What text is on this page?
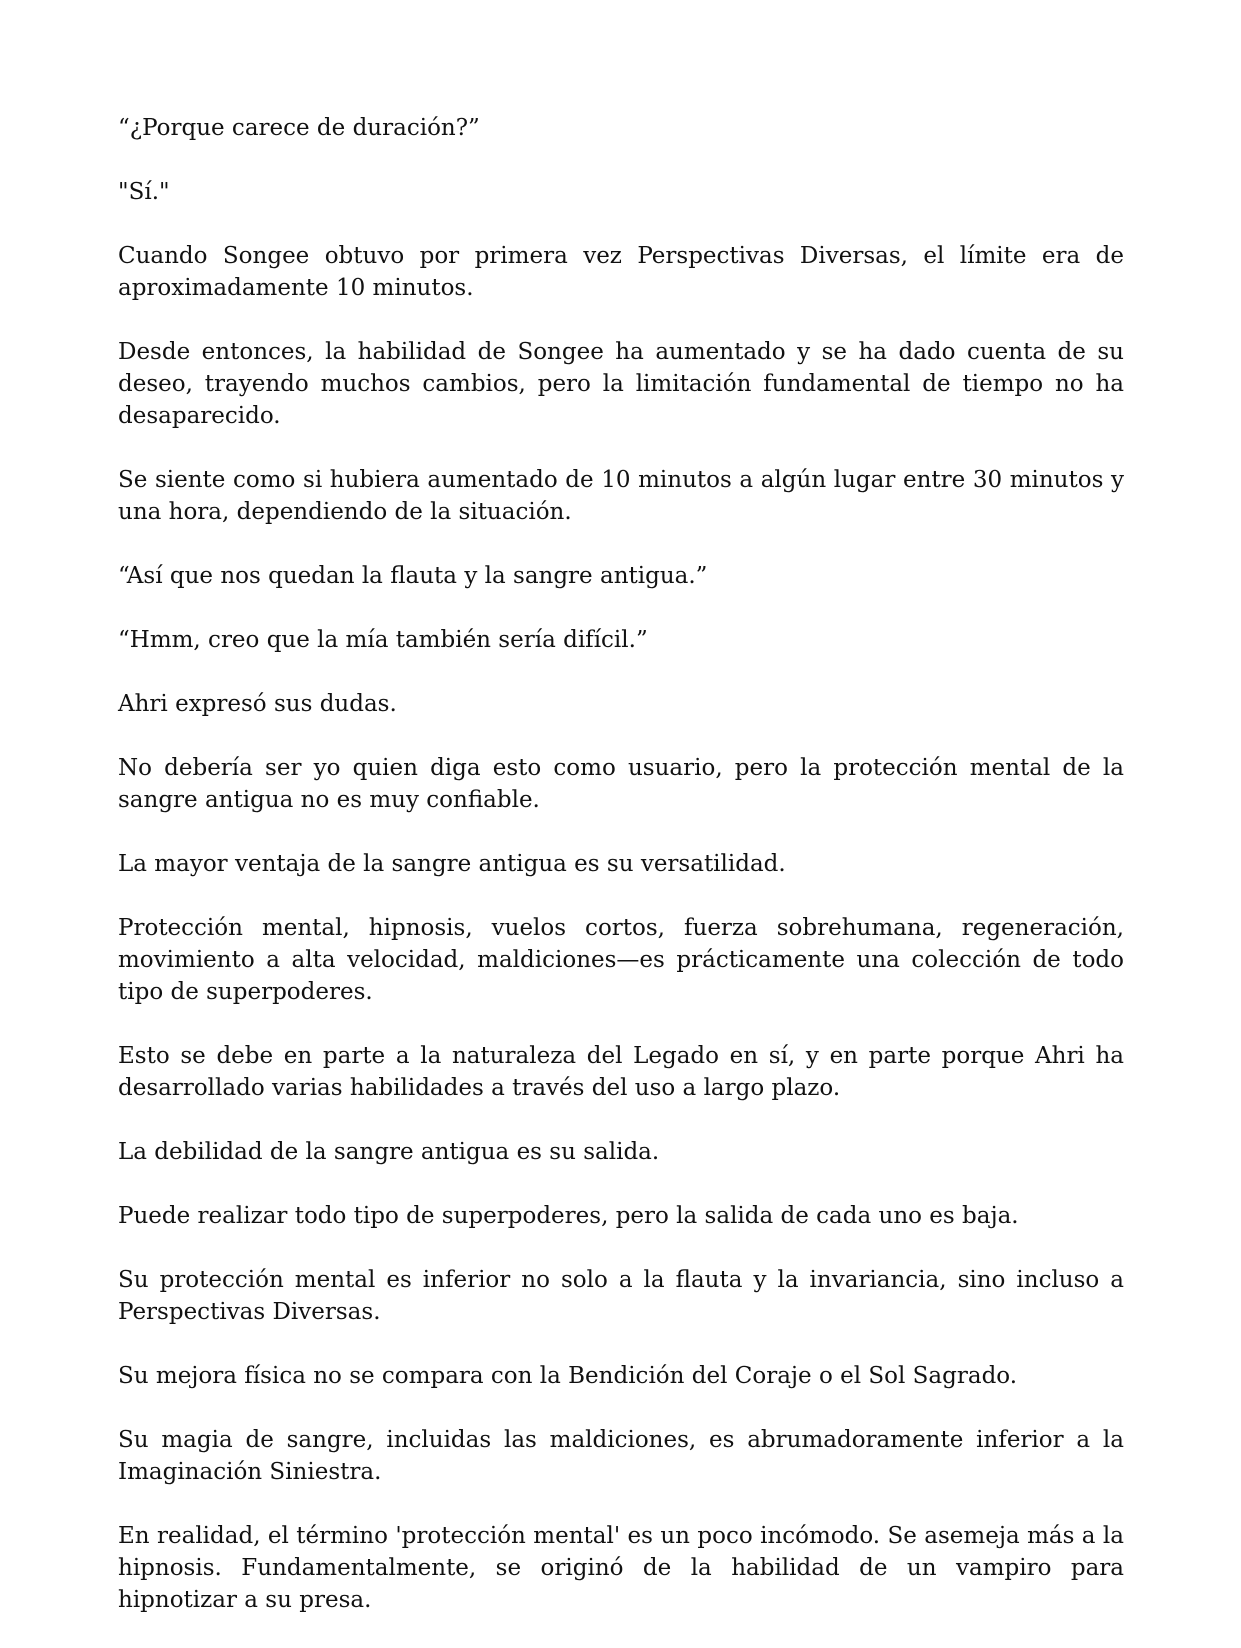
“¿Porque carece de duración?”

"Sí."

Cuando Songee obtuvo por primera vez Perspectivas Diversas, el límite era de aproximadamente 10 minutos.

Desde entonces, la habilidad de Songee ha aumentado y se ha dado cuenta de su deseo, trayendo muchos cambios, pero la limitación fundamental de tiempo no ha desaparecido.

Se siente como si hubiera aumentado de 10 minutos a algún lugar entre 30 minutos y una hora, dependiendo de la situación.

“Así que nos quedan la flauta y la sangre antigua.”

“Hmm, creo que la mía también sería difícil.”

Ahri expresó sus dudas.

No debería ser yo quien diga esto como usuario, pero la protección mental de la sangre antigua no es muy confiable.

La mayor ventaja de la sangre antigua es su versatilidad.

Protección mental, hipnosis, vuelos cortos, fuerza sobrehumana, regeneración, movimiento a alta velocidad, maldiciones—es prácticamente una colección de todo tipo de superpoderes.

Esto se debe en parte a la naturaleza del Legado en sí, y en parte porque Ahri ha desarrollado varias habilidades a través del uso a largo plazo.

La debilidad de la sangre antigua es su salida.

Puede realizar todo tipo de superpoderes, pero la salida de cada uno es baja.

Su protección mental es inferior no solo a la flauta y la invariancia, sino incluso a Perspectivas Diversas.

Su mejora física no se compara con la Bendición del Coraje o el Sol Sagrado.

Su magia de sangre, incluidas las maldiciones, es abrumadoramente inferior a la Imaginación Siniestra.

En realidad, el término 'protección mental' es un poco incómodo. Se asemeja más a la hipnosis. Fundamentalmente, se originó de la habilidad de un vampiro para hipnotizar a su presa.
